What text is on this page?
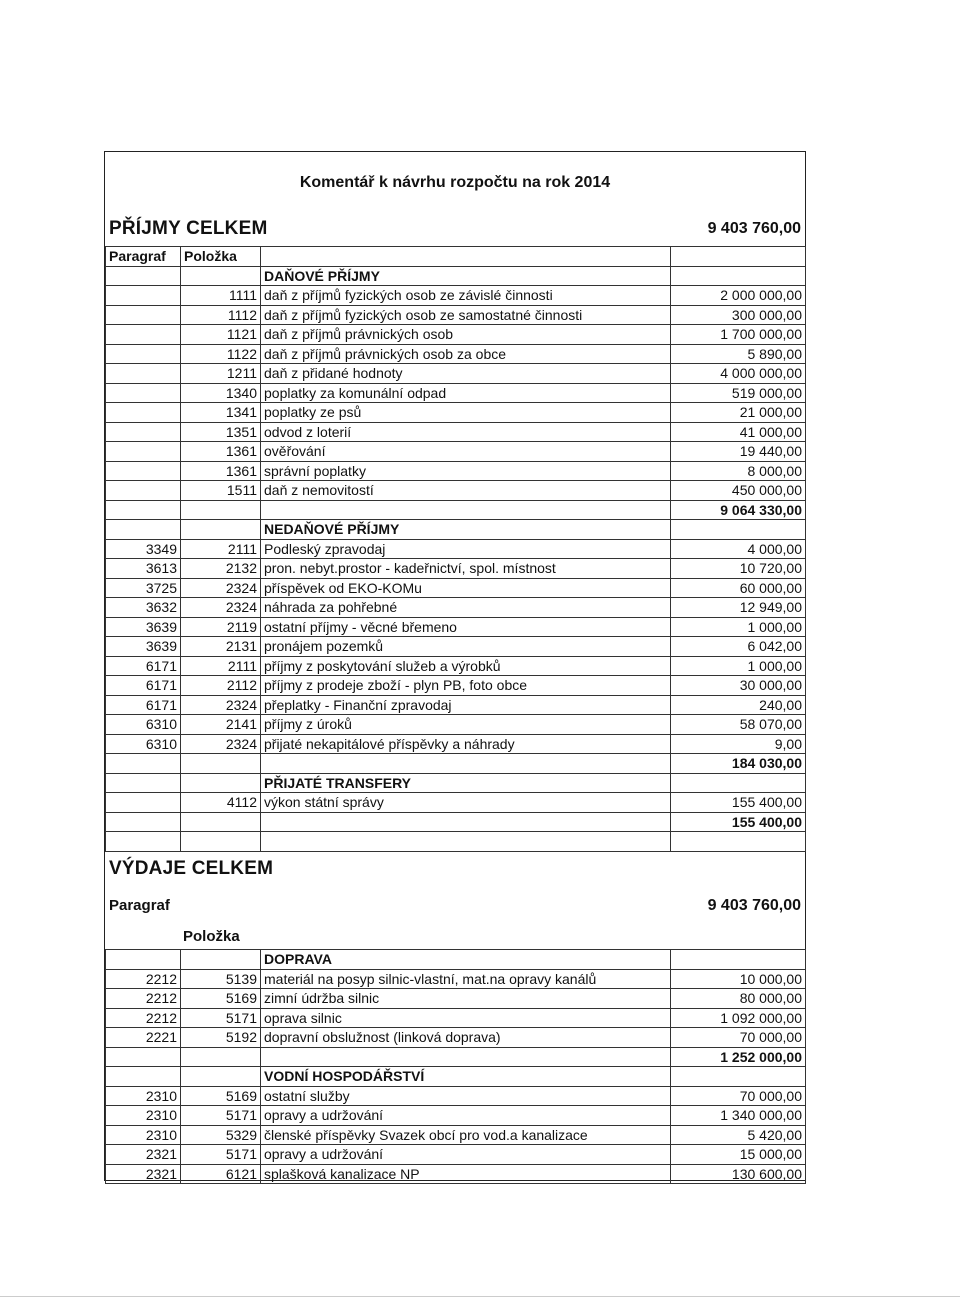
Komentář k návrhu rozpočtu na rok 2014
PŘÍJMY CELKEM	9 403 760,00
Paragraf	Položka		
		DAŇOVÉ PŘÍJMY	
	1111	daň z příjmů fyzických osob ze závislé činnosti	2 000 000,00
	1112	daň z příjmů fyzických osob ze samostatné činnosti	300 000,00
	1121	daň z příjmů právnických osob	1 700 000,00
	1122	daň z příjmů právnických osob za obce	5 890,00
	1211	daň z přidané hodnoty	4 000 000,00
	1340	poplatky za komunální odpad	519 000,00
	1341	poplatky ze psů	21 000,00
	1351	odvod z loterií	41 000,00
	1361	ověřování	19 440,00
	1361	správní poplatky	8 000,00
	1511	daň z nemovitostí	450 000,00
			9 064 330,00
		NEDAŇOVÉ PŘÍJMY	
3349	2111	Podleský zpravodaj	4 000,00
3613	2132	pron. nebyt.prostor - kadeřnictví, spol. místnost	10 720,00
3725	2324	příspěvek od EKO-KOMu	60 000,00
3632	2324	náhrada za pohřebné	12 949,00
3639	2119	ostatní příjmy - věcné břemeno	1 000,00
3639	2131	pronájem pozemků	6 042,00
6171	2111	příjmy z poskytování služeb a výrobků	1 000,00
6171	2112	příjmy z prodeje zboží - plyn PB, foto obce	30 000,00
6171	2324	přeplatky - Finanční zpravodaj	240,00
6310	2141	příjmy z úroků	58 070,00
6310	2324	přijaté nekapitálové příspěvky a náhrady	9,00
			184 030,00
		PŘIJATÉ TRANSFERY	
	4112	výkon státní správy	155 400,00
			155 400,00

VÝDAJE CELKEM
9 403 760,00
Paragraf
Položka
		DOPRAVA	
2212	5139	materiál na posyp silnic-vlastní, mat.na opravy kanálů	10 000,00
2212	5169	zimní údržba silnic	80 000,00
2212	5171	oprava silnic	1 092 000,00
2221	5192	dopravní obslužnost (linková doprava)	70 000,00
			1 252 000,00
		VODNÍ HOSPODÁŘSTVÍ	
2310	5169	ostatní služby	70 000,00
2310	5171	opravy a udržování	1 340 000,00
2310	5329	členské příspěvky Svazek obcí pro vod.a kanalizace	5 420,00
2321	5171	opravy a udržování	15 000,00
2321	6121	splašková kanalizace NP	130 600,00
